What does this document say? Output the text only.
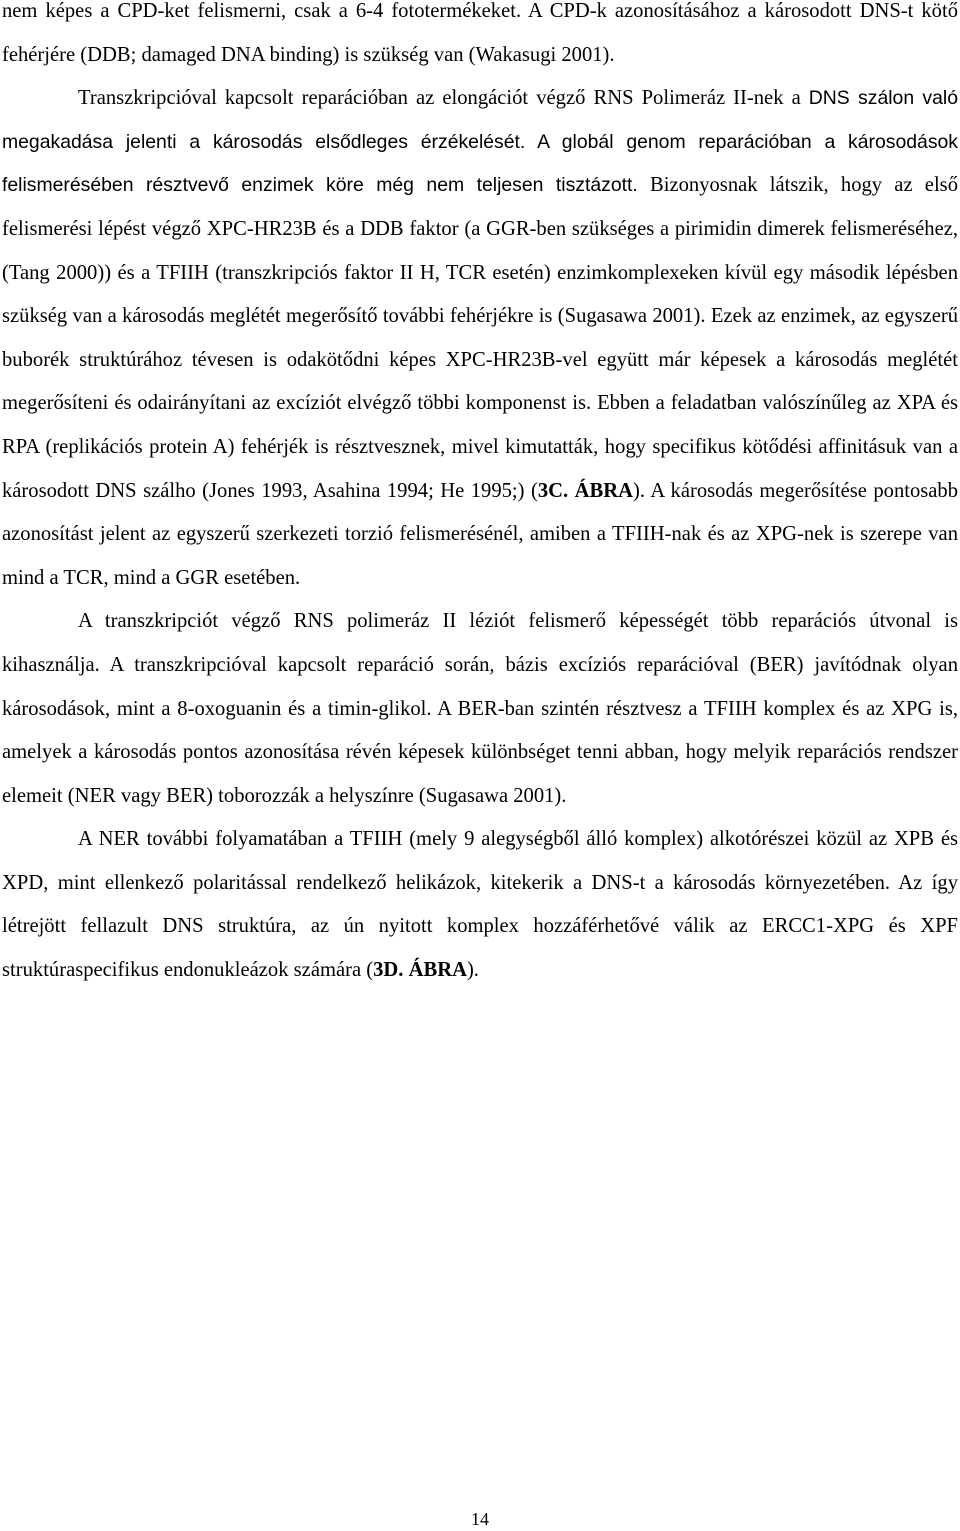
nem képes a CPD-ket felismerni, csak a 6-4 fototermékeket. A CPD-k azonosításához a károsodott DNS-t kötő fehérjére (DDB; damaged DNA binding) is szükség van (Wakasugi 2001).

Transzkripcióval kapcsolt reparációban az elongációt végző RNS Polimeráz II-nek a DNS szálon való megakadása jelenti a károsodás elsődleges érzékelését. A globál genom reparációban a károsodások felismerésében résztvevő enzimek köre még nem teljesen tisztázott. Bizonyosnak látszik, hogy az első felismerési lépést végző XPC-HR23B és a DDB faktor (a GGR-ben szükséges a pirimidin dimerek felismeréséhez, (Tang 2000)) és a TFIIH (transzkripciós faktor II H, TCR esetén) enzimkomplexeken kívül egy második lépésben szükség van a károsodás meglétét megerősítő további fehérjékre is (Sugasawa 2001). Ezek az enzimek, az egyszerű buborék struktúrához tévesen is odakötődni képes XPC-HR23B-vel együtt már képesek a károsodás meglétét megerősíteni és odairányítani az excíziót elvégző többi komponenst is. Ebben a feladatban valószínűleg az XPA és RPA (replikációs protein A) fehérjék is résztvesznek, mivel kimutatták, hogy specifikus kötődési affinitásuk van a károsodott DNS szálho (Jones 1993, Asahina 1994; He 1995;) (3C. ÁBRA). A károsodás megerősítése pontosabb azonosítást jelent az egyszerű szerkezeti torzió felismerésénél, amiben a TFIIH-nak és az XPG-nek is szerepe van mind a TCR, mind a GGR esetében.

A transzkripciót végző RNS polimeráz II léziót felismerő képességét több reparációs útvonal is kihasználja. A transzkripcióval kapcsolt reparáció során, bázis excíziós reparációval (BER) javítódnak olyan károsodások, mint a 8-oxoguanin és a timin-glikol. A BER-ban szintén résztvesz a TFIIH komplex és az XPG is, amelyek a károsodás pontos azonosítása révén képesek különbséget tenni abban, hogy melyik reparációs rendszer elemeit (NER vagy BER) toborozzák a helyszínre (Sugasawa 2001).

A NER további folyamatában a TFIIH (mely 9 alegységből álló komplex) alkotórészei közül az XPB és XPD, mint ellenkező polaritással rendelkező helikázok, kitekerik a DNS-t a károsodás környezetében. Az így létrejött fellazult DNS struktúra, az ún nyitott komplex hozzáférhetővé válik az ERCC1-XPG és XPF struktúraspecifikus endonukleázok számára (3D. ÁBRA).

14
